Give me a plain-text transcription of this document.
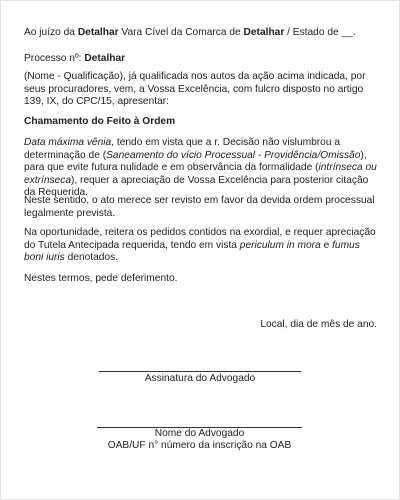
Ao juízo da Detalhar Vara Cível da Comarca de Detalhar / Estado de __.

Processo nº: Detalhar

(Nome - Qualificação), já qualificada nos autos da ação acima indicada, por seus procuradores, vem, a Vossa Excelência, com fulcro disposto no artigo 139, IX, do CPC/15, apresentar:

Chamamento do Feito à Ordem

Data máxima vênia, tendo em vista que a r. Decisão não vislumbrou a determinação de (Saneamento do vício Processual - Providência/Omissão), para que evite futura nulidade e em observância da formalidade (intrínseca ou extrínseca), requer a apreciação de Vossa Excelência para posterior citação da Requerida.

Neste sentido, o ato merece ser revisto em favor da devida ordem processual legalmente prevista.

Na oportunidade, reitera os pedidos contidos na exordial, e requer apreciação do Tutela Antecipada requerida, tendo em vista periculum in mora e fumus boni iuris denotados.

Nestes termos, pede deferimento.

Local, dia de mês de ano.

Assinatura do Advogado

Nome do Advogado

OAB/UF n° número da inscrição na OAB
